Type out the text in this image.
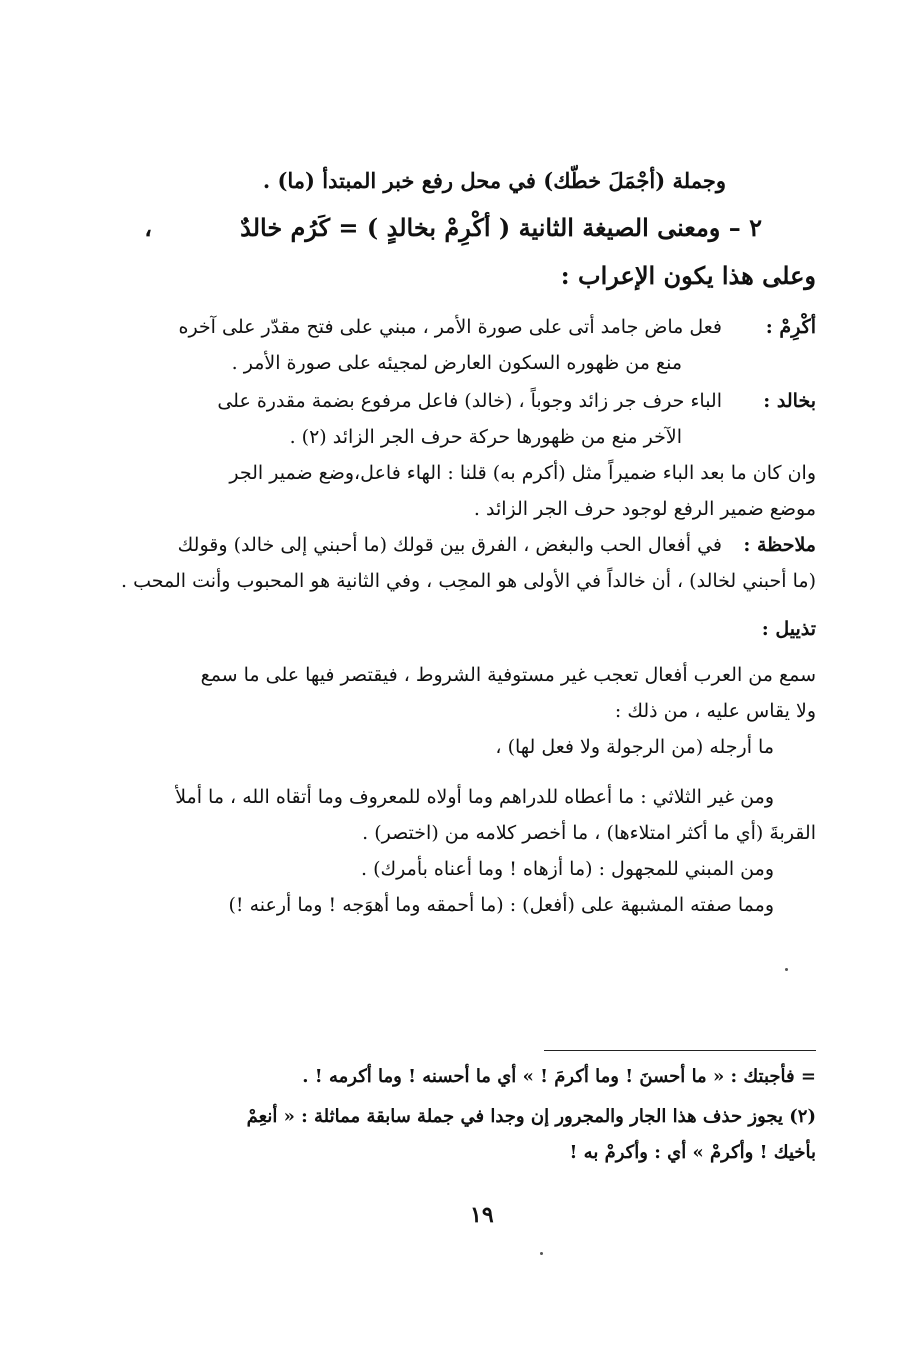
وجملة (أجْمَلَ خطّك) في محل رفع خبر المبتدأ (ما) .
٢ – ومعنى الصيغة الثانية ( أكْرِمْ بخالدٍ ) = كَرُم خالدٌ
،
وعلى هذا يكون الإعراب :
أكْرِمْ :
فعل ماض جامد أتى على صورة الأمر ، مبني على فتح مقدّر على آخره
منع من ظهوره السكون العارض لمجيئه على صورة الأمر .
بخالد :
الباء حرف جر زائد وجوباً ، (خالد) فاعل مرفوع بضمة مقدرة على
الآخر منع من ظهورها حركة حرف الجر الزائد (٢) .
وان كان ما بعد الباء ضميراً مثل (أكرم به) قلنا : الهاء فاعل،وضع ضمير الجر
موضع ضمير الرفع لوجود حرف الجر الزائد .
ملاحظة :
في أفعال الحب والبغض ، الفرق بين قولك (ما أحبني إلى خالد) وقولك
(ما أحبني لخالد) ، أن خالداً في الأولى هو المحِب ، وفي الثانية هو المحبوب وأنت المحب .
تذييل :
سمع من العرب أفعال تعجب غير مستوفية الشروط ، فيقتصر فيها على ما سمع
ولا يقاس عليه ، من ذلك :
ما أرجله (من الرجولة ولا فعل لها) ،
ومن غير الثلاثي : ما أعطاه للدراهم وما أولاه للمعروف وما أتقاه الله ، ما أملأ
القربةَ (أي ما أكثر امتلاءها) ، ما أخصر كلامه من (اختصر) .
ومن المبني للمجهول : (ما أزهاه ! وما أعناه بأمرك) .
ومما صفته المشبهة على (أفعل) : (ما أحمقه وما أهوَجه ! وما أرعنه !)
= فأجبتك : « ما أحسنَ ! وما أكرمَ ! » أي ما أحسنه ! وما أكرمه ! .
(٢) يجوز حذف هذا الجار والمجرور إن وجدا في جملة سابقة مماثلة : « أنعِمْ
بأخيك ! وأكرمْ » أي : وأكرمْ به !
١٩
